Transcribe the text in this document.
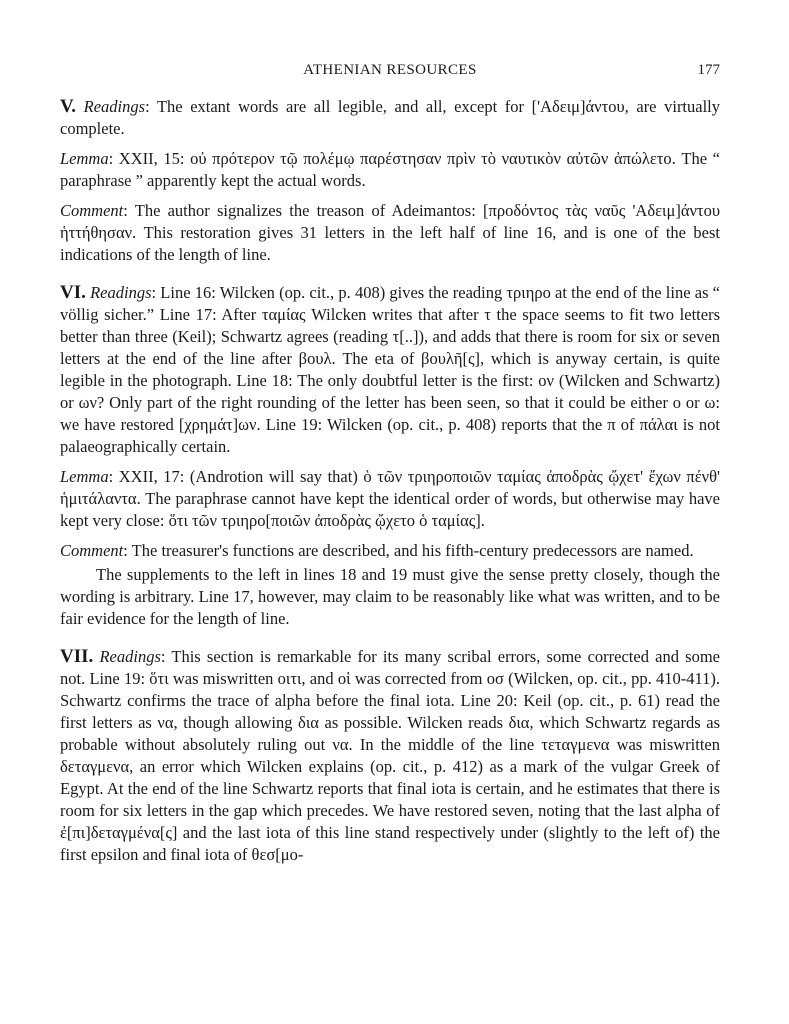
ATHENIAN RESOURCES	177

V. Readings: The extant words are all legible, and all, except for ['Αδειμ]άντου, are virtually complete.

Lemma: XXII, 15: οὐ πρότερον τῷ πολέμῳ παρέστησαν πρὶν τὸ ναυτικὸν αὐτῶν ἀπώλετο. The “ paraphrase ” apparently kept the actual words.

Comment: The author signalizes the treason of Adeimantos: [προδόντος τὰς ναῦς 'Αδειμ]άντου ἡττήθησαν. This restoration gives 31 letters in the left half of line 16, and is one of the best indications of the length of line.

VI. Readings: Line 16: Wilcken (op. cit., p. 408) gives the reading τριηρο at the end of the line as “ völlig sicher.” Line 17: After ταμίας Wilcken writes that after τ the space seems to fit two letters better than three (Keil); Schwartz agrees (reading τ[..]), and adds that there is room for six or seven letters at the end of the line after βουλ. The eta of βουλῆ[ς], which is anyway certain, is quite legible in the photograph. Line 18: The only doubtful letter is the first: ον (Wilcken and Schwartz) or ων? Only part of the right rounding of the letter has been seen, so that it could be either ο or ω: we have restored [χρημάτ]ων. Line 19: Wilcken (op. cit., p. 408) reports that the π of πάλαι is not palaeographically certain.

Lemma: XXII, 17: (Androtion will say that) ὁ τῶν τριηροποιῶν ταμίας ἀποδρὰς ᾤχετ' ἔχων πένθ' ἡμιτάλαντα. The paraphrase cannot have kept the identical order of words, but otherwise may have kept very close: ὅτι τῶν τριηρο[ποιῶν ἀποδρὰς ᾤχετο ὁ ταμίας].

Comment: The treasurer's functions are described, and his fifth-century predecessors are named.

The supplements to the left in lines 18 and 19 must give the sense pretty closely, though the wording is arbitrary. Line 17, however, may claim to be reasonably like what was written, and to be fair evidence for the length of line.

VII. Readings: This section is remarkable for its many scribal errors, some corrected and some not. Line 19: ὅτι was miswritten οιτι, and οἱ was corrected from οσ (Wilcken, op. cit., pp. 410-411). Schwartz confirms the trace of alpha before the final iota. Line 20: Keil (op. cit., p. 61) read the first letters as να, though allowing δια as possible. Wilcken reads δια, which Schwartz regards as probable without absolutely ruling out να. In the middle of the line τεταγμενα was miswritten δεταγμενα, an error which Wilcken explains (op. cit., p. 412) as a mark of the vulgar Greek of Egypt. At the end of the line Schwartz reports that final iota is certain, and he estimates that there is room for six letters in the gap which precedes. We have restored seven, noting that the last alpha of ἐ[πι]δεταγμένα[ς] and the last iota of this line stand respectively under (slightly to the left of) the first epsilon and final iota of θεσ[μο-
